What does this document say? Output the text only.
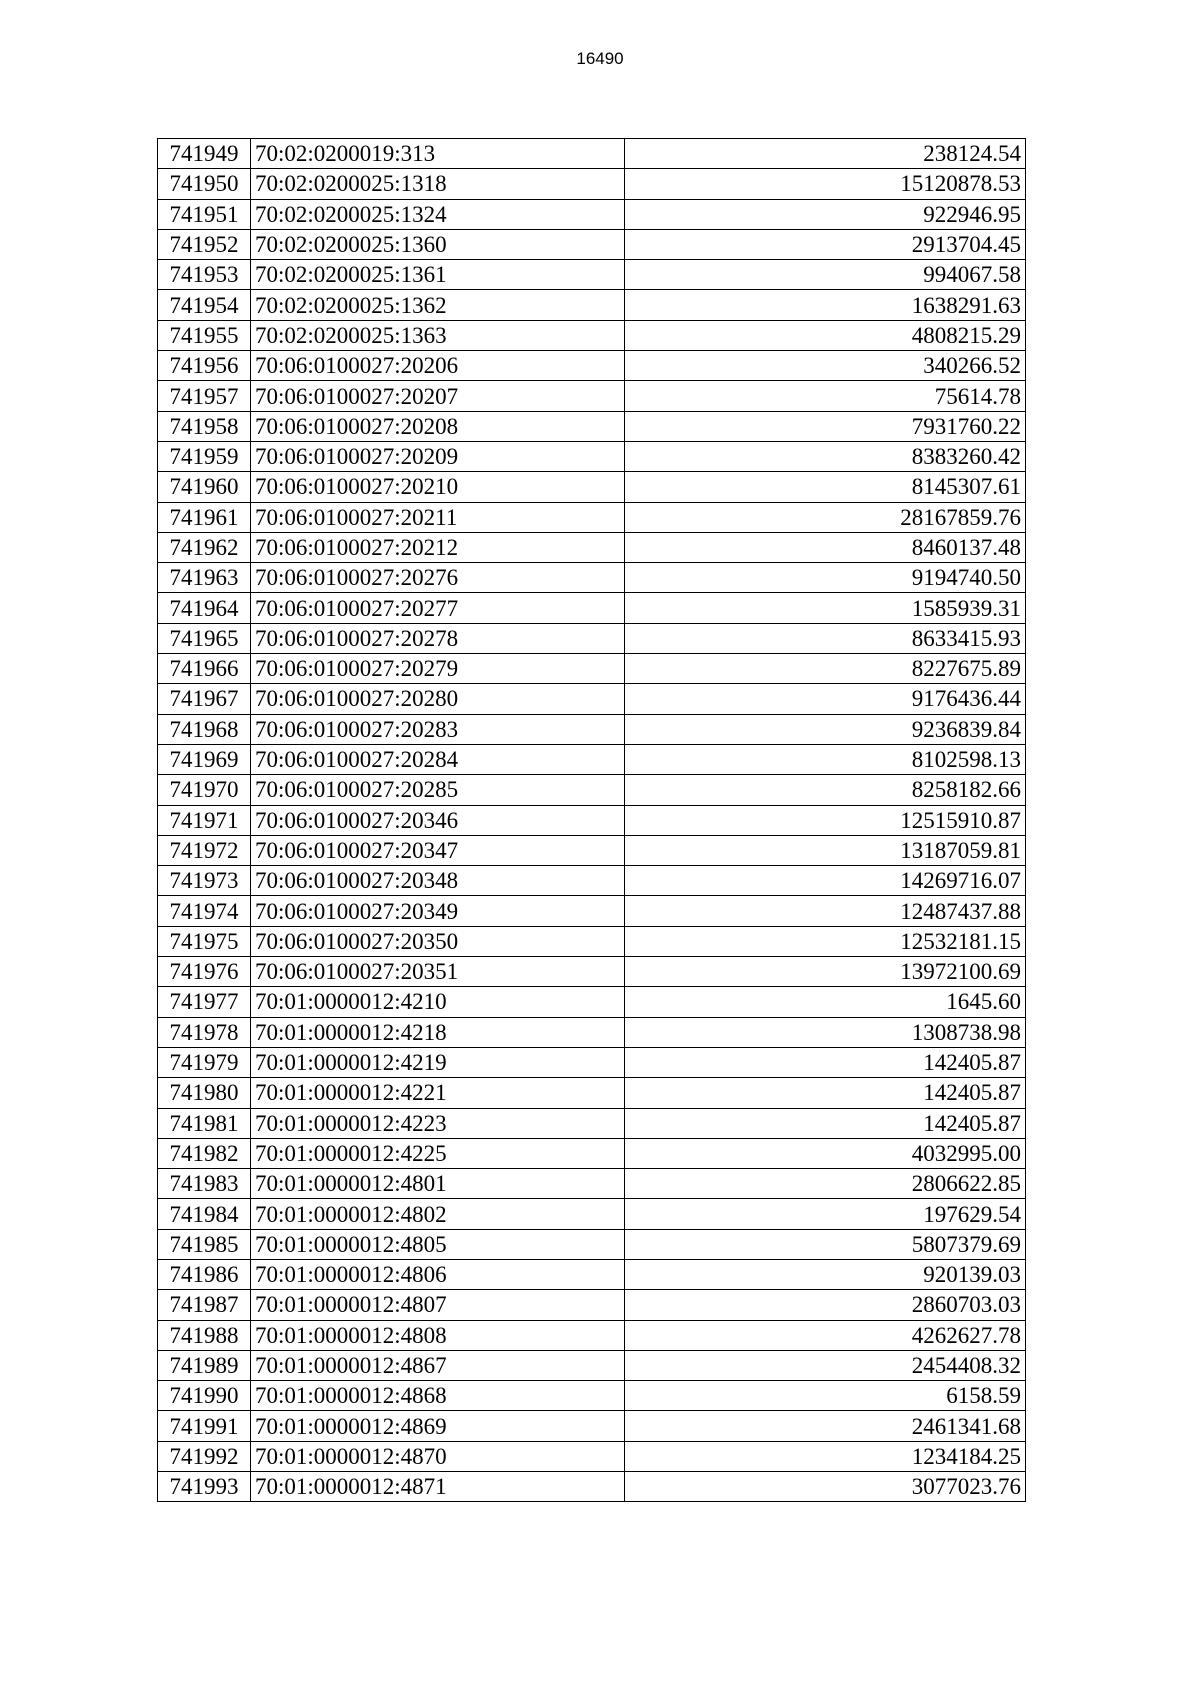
16490
741949	70:02:0200019:313	238124.54
741950	70:02:0200025:1318	15120878.53
741951	70:02:0200025:1324	922946.95
741952	70:02:0200025:1360	2913704.45
741953	70:02:0200025:1361	994067.58
741954	70:02:0200025:1362	1638291.63
741955	70:02:0200025:1363	4808215.29
741956	70:06:0100027:20206	340266.52
741957	70:06:0100027:20207	75614.78
741958	70:06:0100027:20208	7931760.22
741959	70:06:0100027:20209	8383260.42
741960	70:06:0100027:20210	8145307.61
741961	70:06:0100027:20211	28167859.76
741962	70:06:0100027:20212	8460137.48
741963	70:06:0100027:20276	9194740.50
741964	70:06:0100027:20277	1585939.31
741965	70:06:0100027:20278	8633415.93
741966	70:06:0100027:20279	8227675.89
741967	70:06:0100027:20280	9176436.44
741968	70:06:0100027:20283	9236839.84
741969	70:06:0100027:20284	8102598.13
741970	70:06:0100027:20285	8258182.66
741971	70:06:0100027:20346	12515910.87
741972	70:06:0100027:20347	13187059.81
741973	70:06:0100027:20348	14269716.07
741974	70:06:0100027:20349	12487437.88
741975	70:06:0100027:20350	12532181.15
741976	70:06:0100027:20351	13972100.69
741977	70:01:0000012:4210	1645.60
741978	70:01:0000012:4218	1308738.98
741979	70:01:0000012:4219	142405.87
741980	70:01:0000012:4221	142405.87
741981	70:01:0000012:4223	142405.87
741982	70:01:0000012:4225	4032995.00
741983	70:01:0000012:4801	2806622.85
741984	70:01:0000012:4802	197629.54
741985	70:01:0000012:4805	5807379.69
741986	70:01:0000012:4806	920139.03
741987	70:01:0000012:4807	2860703.03
741988	70:01:0000012:4808	4262627.78
741989	70:01:0000012:4867	2454408.32
741990	70:01:0000012:4868	6158.59
741991	70:01:0000012:4869	2461341.68
741992	70:01:0000012:4870	1234184.25
741993	70:01:0000012:4871	3077023.76
